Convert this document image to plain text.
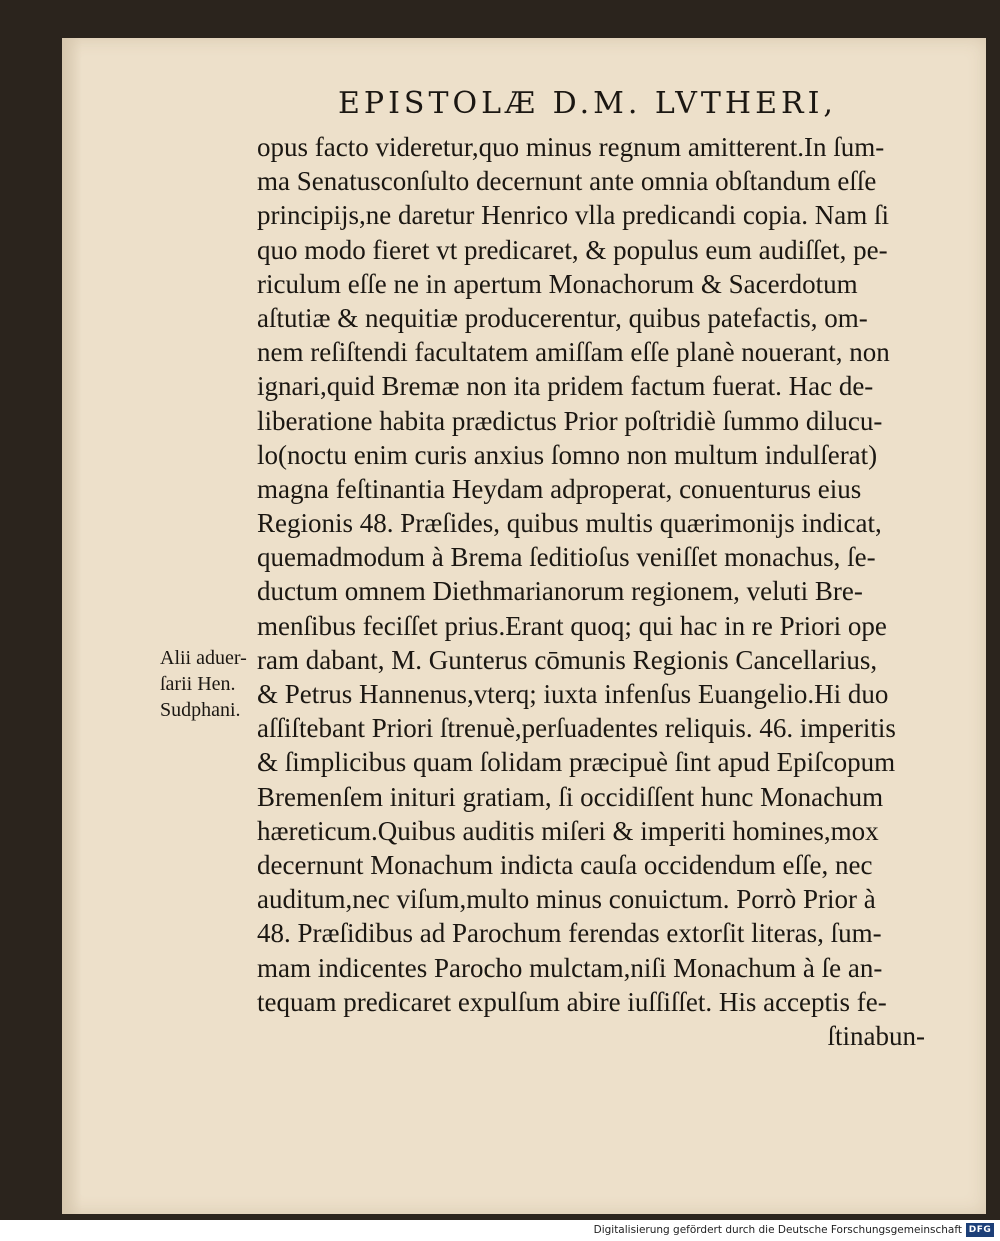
EPISTOLÆ D.M. LVTHERI,
opus facto videretur,quo minus regnum amitterent.In ſum-
ma Senatusconſulto decernunt ante omnia obſtandum eſſe
principijs,ne daretur Henrico vlla predicandi copia. Nam ſi
quo modo fieret vt predicaret, & populus eum audiſſet, pe-
riculum eſſe ne in apertum Monachorum & Sacerdotum
aſtutiæ & nequitiæ producerentur, quibus patefactis, om-
nem reſiſtendi facultatem amiſſam eſſe planè nouerant, non
ignari,quid Bremæ non ita pridem factum fuerat. Hac de-
liberatione habita prædictus Prior poſtridiè ſummo dilucu-
lo(noctu enim curis anxius ſomno non multum indulſerat)
magna feſtinantia Heydam adproperat, conuenturus eius
Regionis 48. Præſides, quibus multis quærimonijs indicat,
quemadmodum à Brema ſeditioſus veniſſet monachus, ſe-
ductum omnem Diethmarianorum regionem, veluti Bre-
menſibus feciſſet prius.Erant quoq; qui hac in re Priori ope
ram dabant, M. Gunterus cōmunis Regionis Cancellarius,
& Petrus Hannenus,vterq; iuxta infenſus Euangelio.Hi duo
aſſiſtebant Priori ſtrenuè,perſuadentes reliquis. 46. imperitis
& ſimplicibus quam ſolidam præcipuè ſint apud Epiſcopum
Bremenſem inituri gratiam, ſi occidiſſent hunc Monachum
hæreticum.Quibus auditis miſeri & imperiti homines,mox
decernunt Monachum indicta cauſa occidendum eſſe, nec
auditum,nec viſum,multo minus conuictum. Porrò Prior à
48. Præſidibus ad Parochum ferendas extorſit literas, ſum-
mam indicentes Parocho mulctam,niſi Monachum à ſe an-
tequam predicaret expulſum abire iuſſiſſet. His acceptis fe-
ſtinabun-
Alii aduer-
ſarii Hen.
Sudphani.
Digitalisierung gefördert durch die Deutsche Forschungsgemeinschaft DFG
